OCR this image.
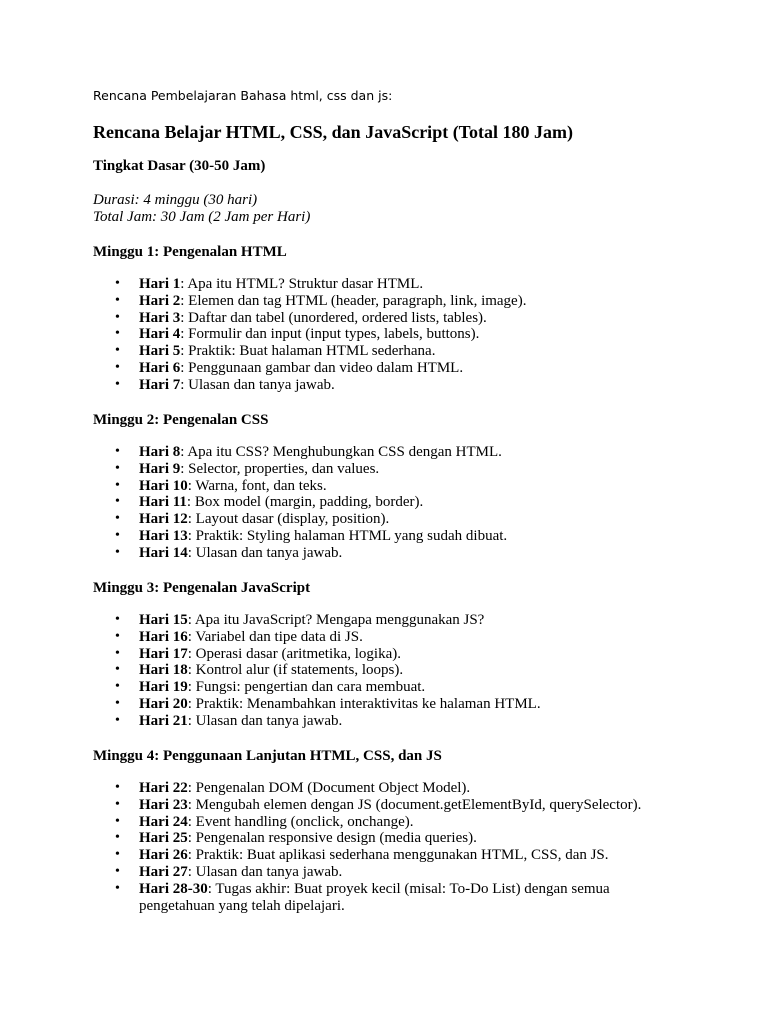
Rencana Pembelajaran Bahasa html, css dan js:
Rencana Belajar HTML, CSS, dan JavaScript (Total 180 Jam)
Tingkat Dasar (30-50 Jam)
Durasi: 4 minggu (30 hari)
Total Jam: 30 Jam (2 Jam per Hari)
Minggu 1: Pengenalan HTML
• Hari 1: Apa itu HTML? Struktur dasar HTML.
• Hari 2: Elemen dan tag HTML (header, paragraph, link, image).
• Hari 3: Daftar dan tabel (unordered, ordered lists, tables).
• Hari 4: Formulir dan input (input types, labels, buttons).
• Hari 5: Praktik: Buat halaman HTML sederhana.
• Hari 6: Penggunaan gambar dan video dalam HTML.
• Hari 7: Ulasan dan tanya jawab.
Minggu 2: Pengenalan CSS
• Hari 8: Apa itu CSS? Menghubungkan CSS dengan HTML.
• Hari 9: Selector, properties, dan values.
• Hari 10: Warna, font, dan teks.
• Hari 11: Box model (margin, padding, border).
• Hari 12: Layout dasar (display, position).
• Hari 13: Praktik: Styling halaman HTML yang sudah dibuat.
• Hari 14: Ulasan dan tanya jawab.
Minggu 3: Pengenalan JavaScript
• Hari 15: Apa itu JavaScript? Mengapa menggunakan JS?
• Hari 16: Variabel dan tipe data di JS.
• Hari 17: Operasi dasar (aritmetika, logika).
• Hari 18: Kontrol alur (if statements, loops).
• Hari 19: Fungsi: pengertian dan cara membuat.
• Hari 20: Praktik: Menambahkan interaktivitas ke halaman HTML.
• Hari 21: Ulasan dan tanya jawab.
Minggu 4: Penggunaan Lanjutan HTML, CSS, dan JS
• Hari 22: Pengenalan DOM (Document Object Model).
• Hari 23: Mengubah elemen dengan JS (document.getElementById, querySelector).
• Hari 24: Event handling (onclick, onchange).
• Hari 25: Pengenalan responsive design (media queries).
• Hari 26: Praktik: Buat aplikasi sederhana menggunakan HTML, CSS, dan JS.
• Hari 27: Ulasan dan tanya jawab.
• Hari 28-30: Tugas akhir: Buat proyek kecil (misal: To-Do List) dengan semua pengetahuan yang telah dipelajari.
